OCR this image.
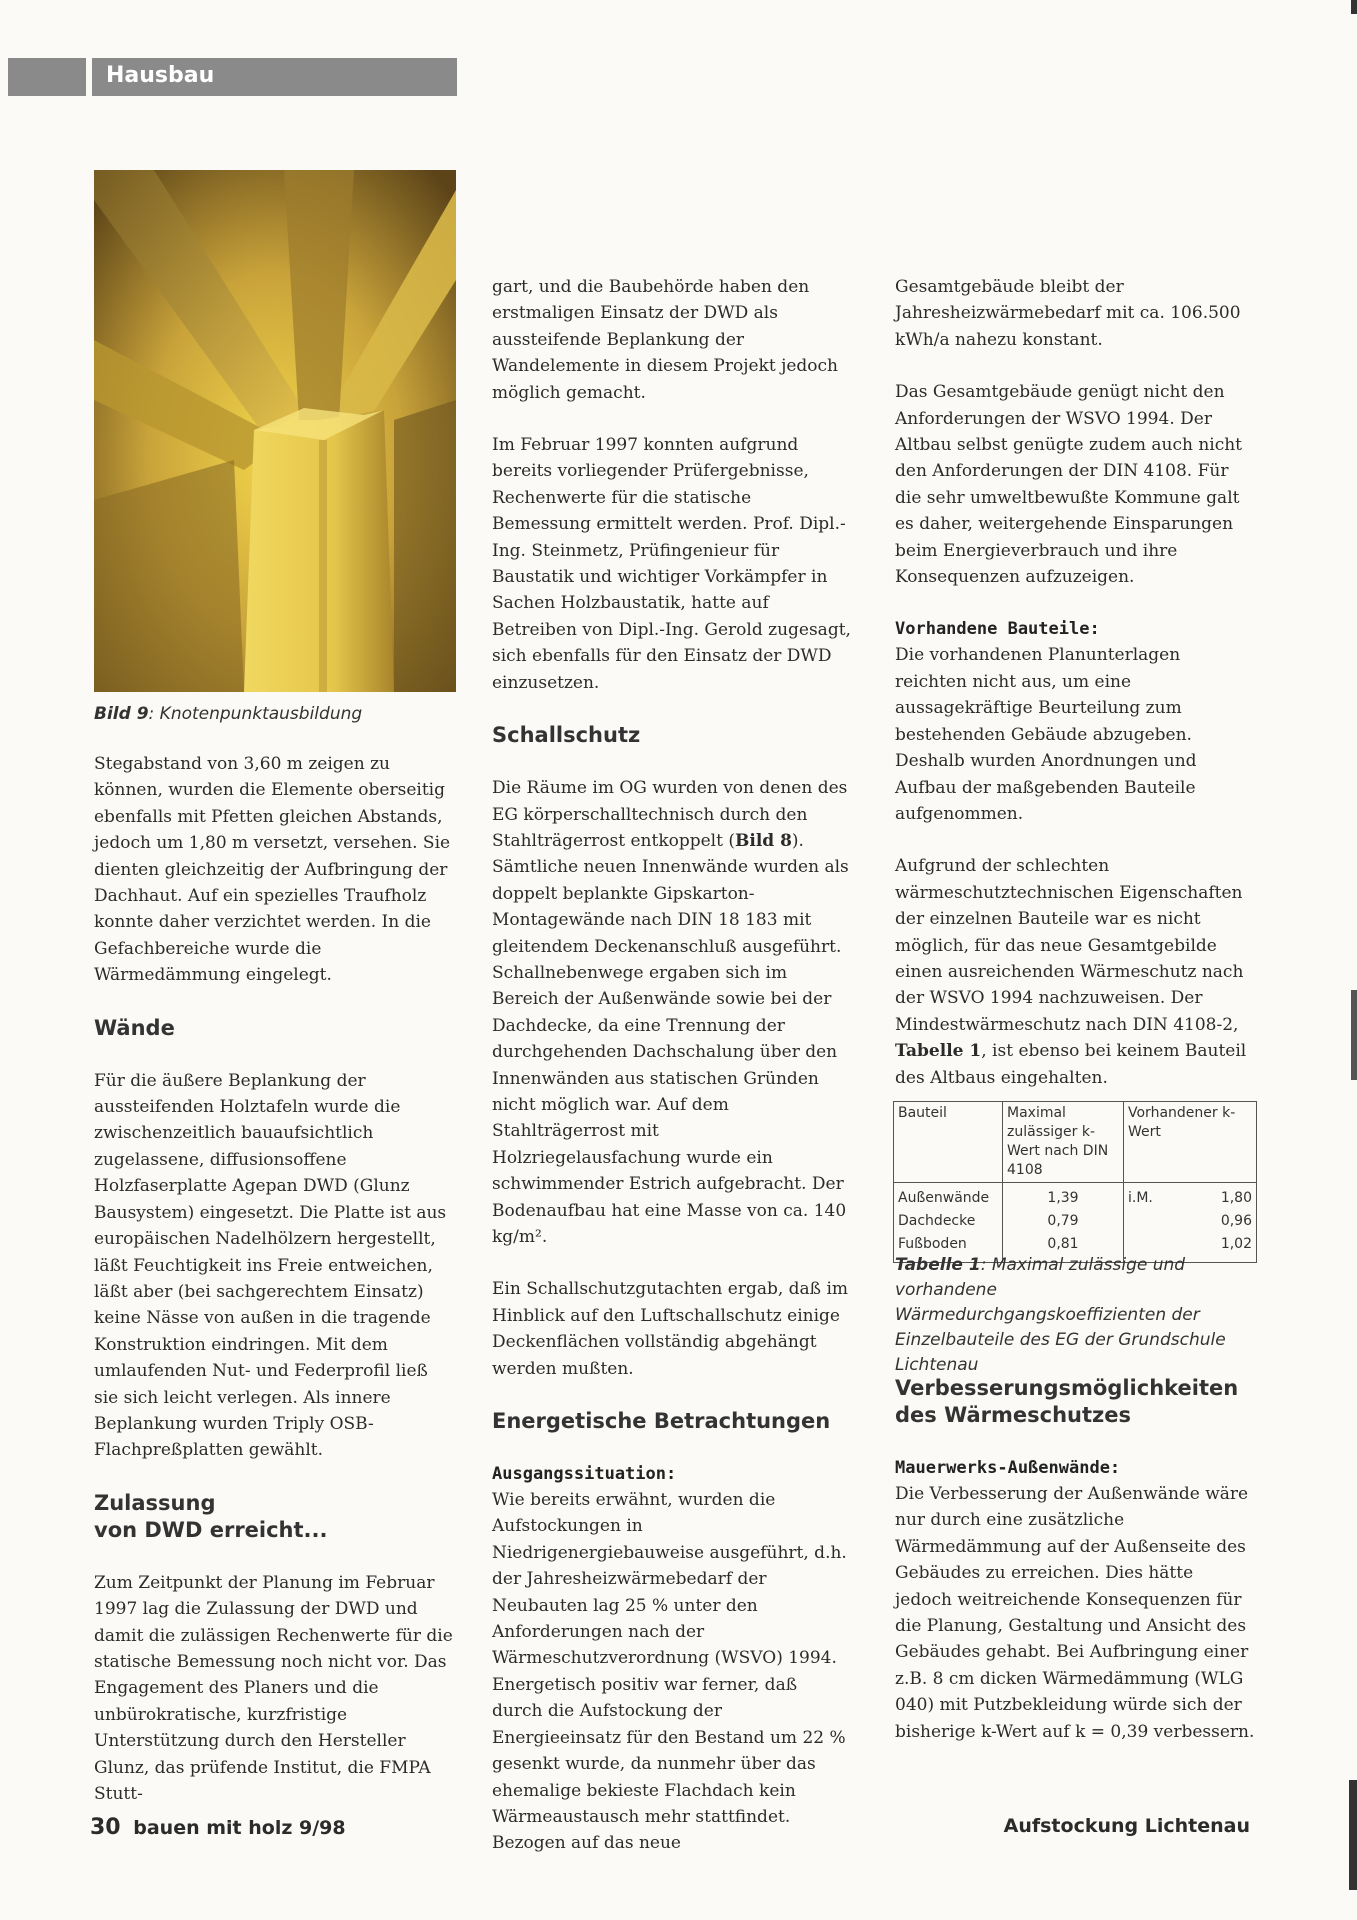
Hausbau
Bild 9: Knotenpunktausbildung

Stegabstand von 3,60 m zeigen zu können, wurden die Elemente oberseitig ebenfalls mit Pfetten gleichen Abstands, jedoch um 1,80 m versetzt, versehen. Sie dienten gleichzeitig der Aufbringung der Dachhaut. Auf ein spezielles Traufholz konnte daher verzichtet werden. In die Gefachbereiche wurde die Wärmedämmung eingelegt.

Wände

Für die äußere Beplankung der aussteifenden Holztafeln wurde die zwischenzeitlich bauaufsichtlich zugelassene, diffusionsoffene Holzfaserplatte Agepan DWD (Glunz Bausystem) eingesetzt. Die Platte ist aus europäischen Nadelhölzern hergestellt, läßt Feuchtigkeit ins Freie entweichen, läßt aber (bei sachgerechtem Einsatz) keine Nässe von außen in die tragende Konstruktion eindringen. Mit dem umlaufenden Nut- und Federprofil ließ sie sich leicht verlegen. Als innere Beplankung wurden Triply OSB-Flachpreßplatten gewählt.

Zulassung
von DWD erreicht...

Zum Zeitpunkt der Planung im Februar 1997 lag die Zulassung der DWD und damit die zulässigen Rechenwerte für die statische Bemessung noch nicht vor. Das Engagement des Planers und die unbürokratische, kurzfristige Unterstützung durch den Hersteller Glunz, das prüfende Institut, die FMPA Stutt-

gart, und die Baubehörde haben den erstmaligen Einsatz der DWD als aussteifende Beplankung der Wandelemente in diesem Projekt jedoch möglich gemacht.

Im Februar 1997 konnten aufgrund bereits vorliegender Prüfergebnisse, Rechenwerte für die statische Bemessung ermittelt werden. Prof. Dipl.-Ing. Steinmetz, Prüfingenieur für Baustatik und wichtiger Vorkämpfer in Sachen Holzbaustatik, hatte auf Betreiben von Dipl.-Ing. Gerold zugesagt, sich ebenfalls für den Einsatz der DWD einzusetzen.

Schallschutz

Die Räume im OG wurden von denen des EG körperschalltechnisch durch den Stahlträgerrost entkoppelt (Bild 8). Sämtliche neuen Innenwände wurden als doppelt beplankte Gipskarton-Montagewände nach DIN 18 183 mit gleitendem Deckenanschluß ausgeführt. Schallnebenwege ergaben sich im Bereich der Außenwände sowie bei der Dachdecke, da eine Trennung der durchgehenden Dachschalung über den Innenwänden aus statischen Gründen nicht möglich war. Auf dem Stahlträgerrost mit Holzriegelausfachung wurde ein schwimmender Estrich aufgebracht. Der Bodenaufbau hat eine Masse von ca. 140 kg/m².

Ein Schallschutzgutachten ergab, daß im Hinblick auf den Luftschallschutz einige Deckenflächen vollständig abgehängt werden mußten.

Energetische Betrachtungen
Ausgangssituation:

Wie bereits erwähnt, wurden die Aufstockungen in Niedrigenergiebauweise ausgeführt, d.h. der Jahresheizwärmebedarf der Neubauten lag 25 % unter den Anforderungen nach der Wärmeschutzverordnung (WSVO) 1994. Energetisch positiv war ferner, daß durch die Aufstockung der Energieeinsatz für den Bestand um 22 % gesenkt wurde, da nunmehr über das ehemalige bekieste Flachdach kein Wärmeaustausch mehr stattfindet. Bezogen auf das neue

Gesamtgebäude bleibt der Jahresheizwärmebedarf mit ca. 106.500 kWh/a nahezu konstant.

Das Gesamtgebäude genügt nicht den Anforderungen der WSVO 1994. Der Altbau selbst genügte zudem auch nicht den Anforderungen der DIN 4108. Für die sehr umweltbewußte Kommune galt es daher, weitergehende Einsparungen beim Energieverbrauch und ihre Konsequenzen aufzuzeigen.

Vorhandene Bauteile:

Die vorhandenen Planunterlagen reichten nicht aus, um eine aussagekräftige Beurteilung zum bestehenden Gebäude abzugeben. Deshalb wurden Anordnungen und Aufbau der maßgebenden Bauteile aufgenommen.

Aufgrund der schlechten wärmeschutztechnischen Eigenschaften der einzelnen Bauteile war es nicht möglich, für das neue Gesamtgebilde einen ausreichenden Wärmeschutz nach der WSVO 1994 nachzuweisen. Der Mindestwärmeschutz nach DIN 4108-2, Tabelle 1, ist ebenso bei keinem Bauteil des Altbaus eingehalten.

Bauteil	Maximal zulässiger k-Wert nach DIN 4108	Vorhandener k-Wert
Außenwände	1,39	i.M. 1,80

Dachdecke	0,79	0,96

Fußboden	0,81	1,02
Tabelle 1: Maximal zulässige und vorhandene Wärmedurchgangskoeffizienten der Einzelbauteile des EG der Grundschule Lichtenau
Verbesserungsmöglichkeiten
des Wärmeschutzes
Mauerwerks-Außenwände:

Die Verbesserung der Außenwände wäre nur durch eine zusätzliche Wärmedämmung auf der Außenseite des Gebäudes zu erreichen. Dies hätte jedoch weitreichende Konsequenzen für die Planung, Gestaltung und Ansicht des Gebäudes gehabt. Bei Aufbringung einer z.B. 8 cm dicken Wärmedämmung (WLG 040) mit Putzbekleidung würde sich der bisherige k-Wert auf k = 0,39 verbessern.

30 bauen mit holz 9/98	Aufstockung Lichtenau
